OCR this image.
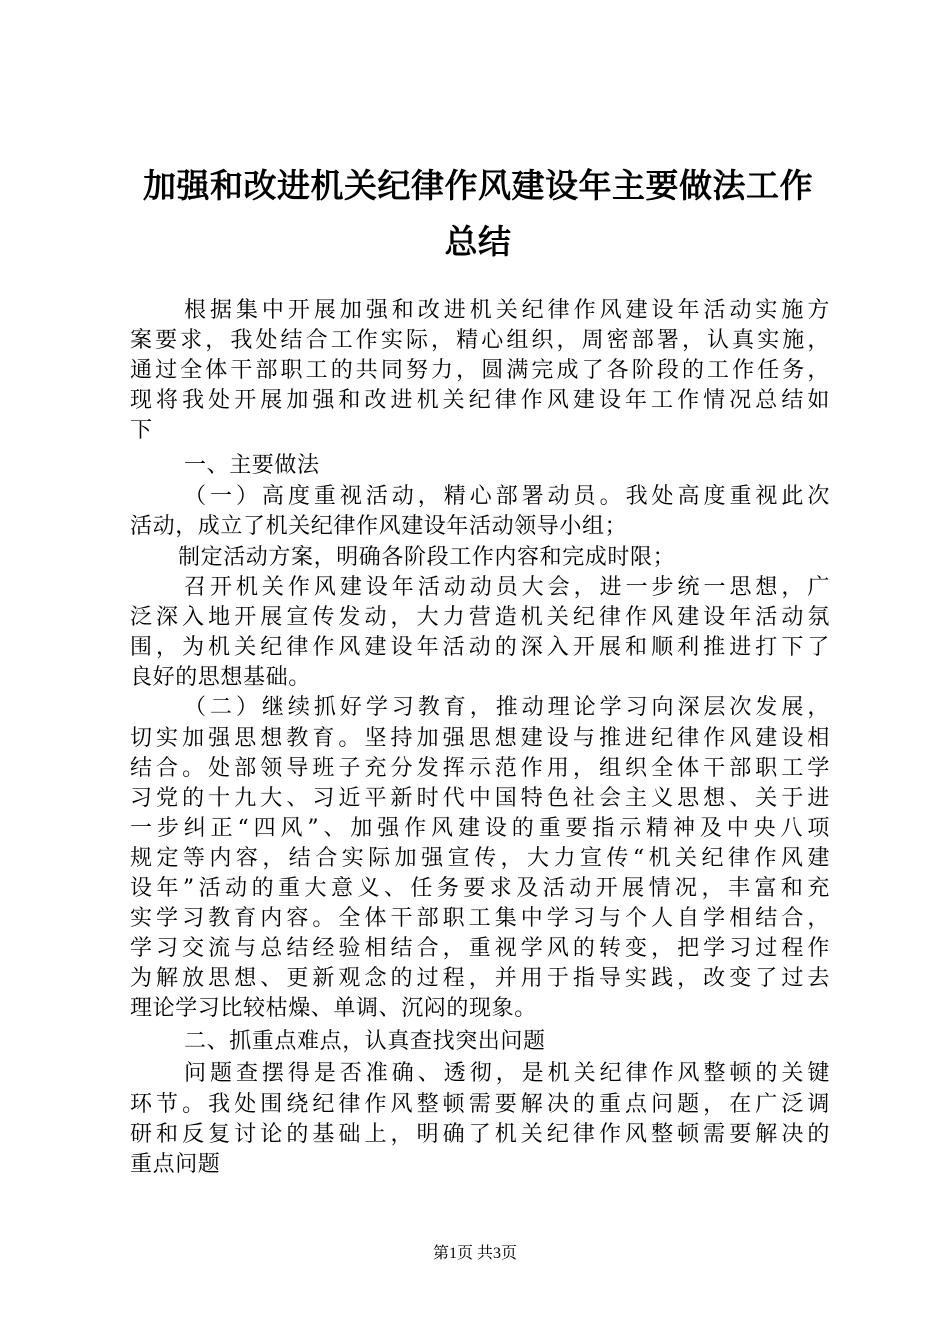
加强和改进机关纪律作风建设年主要做法工作
总结
根据集中开展加强和改进机关纪律作风建设年活动实施方
案要求，我处结合工作实际，精心组织，周密部署，认真实施，
通过全体干部职工的共同努力，圆满完成了各阶段的工作任务，
现将我处开展加强和改进机关纪律作风建设年工作情况总结如
下
一、主要做法
（一）高度重视活动，精心部署动员。我处高度重视此次
活动，成立了机关纪律作风建设年活动领导小组；
制定活动方案，明确各阶段工作内容和完成时限；
召开机关作风建设年活动动员大会，进一步统一思想，广
泛深入地开展宣传发动，大力营造机关纪律作风建设年活动氛
围，为机关纪律作风建设年活动的深入开展和顺利推进打下了
良好的思想基础。
（二）继续抓好学习教育，推动理论学习向深层次发展，
切实加强思想教育。坚持加强思想建设与推进纪律作风建设相
结合。处部领导班子充分发挥示范作用，组织全体干部职工学
习党的十九大、习近平新时代中国特色社会主义思想、关于进
一步纠正“四风”、加强作风建设的重要指示精神及中央八项
规定等内容，结合实际加强宣传，大力宣传“机关纪律作风建
设年”活动的重大意义、任务要求及活动开展情况，丰富和充
实学习教育内容。全体干部职工集中学习与个人自学相结合，
学习交流与总结经验相结合，重视学风的转变，把学习过程作
为解放思想、更新观念的过程，并用于指导实践，改变了过去
理论学习比较枯燥、单调、沉闷的现象。
二、抓重点难点，认真查找突出问题
问题查摆得是否准确、透彻，是机关纪律作风整顿的关键
环节。我处围绕纪律作风整顿需要解决的重点问题，在广泛调
研和反复讨论的基础上，明确了机关纪律作风整顿需要解决的
重点问题
第1页 共3页
